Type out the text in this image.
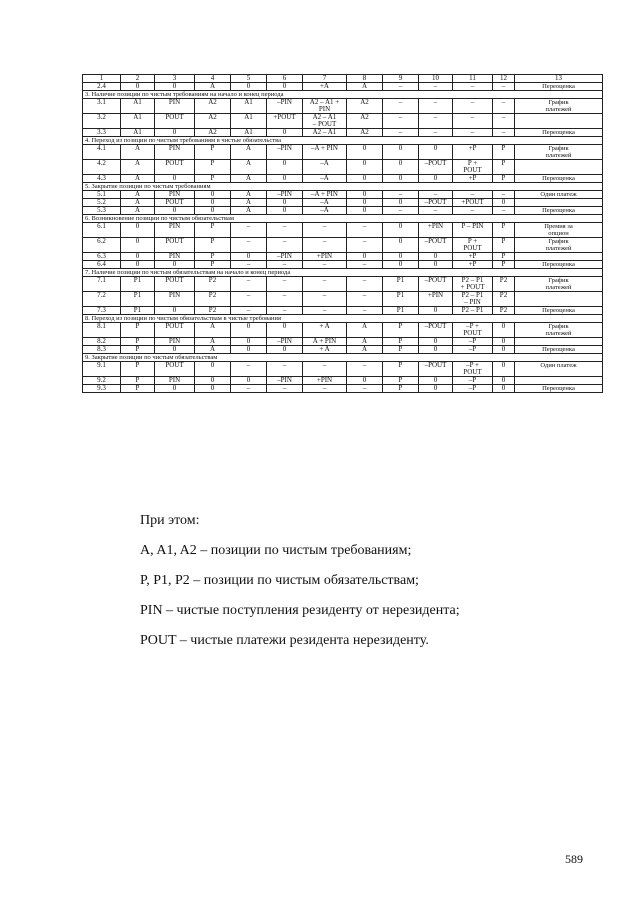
1	2	3	4	5	6	7	8	9	10	11	12	13
2.4	0	0	A	0	0	+A	A	–	–	–	–	Переоценка
3. Наличие позиции по чистым требованиям на начало и конец периода												
3.1	A1	PIN	A2	A1	–PIN	A2 – A1 +
PIN	A2	–	–	–	–	График
платежей
3.2	A1	POUT	A2	A1	+POUT	A2 – A1
– POUT	A2	–	–	–	–	
3.3	A1	0	A2	A1	0	A2 – A1	A2	–	–	–	–	Переоценка
4. Переход из позиции по чистым требованиям в чистые обязательства												
4.1	A	PIN	P	A	–PIN	–A + PIN	0	0	0	+P	P	График
платежей
4.2	A	POUT	P	A	0	–A	0	0	–POUT	P +
POUT	P	
4.3	A	0	P	A	0	–A	0	0	0	+P	P	Переоценка
5. Закрытие позиции по чистым требованиям												
5.1	A	PIN	0	A	–PIN	–A + PIN	0	–	–	–	–	Один платеж
5.2	A	POUT	0	A	0	–A	0	0	–POUT	+POUT	0	
5.3	A	0	0	A	0	–A	0	–	–	–	–	Переоценка
6. Возникновение позиции по чистым обязательствам												
6.1	0	PIN	P	–	–	–	–	0	+PIN	P – PIN	P	Премия за
опцион
6.2	0	POUT	P	–	–	–	–	0	–POUT	P +
POUT	P	График
платежей
6.3	0	PIN	P	0	–PIN	+PIN	0	0	0	+P	P	
6.4	0	0	P	–	–	–	–	0	0	+P	P	Переоценка
7. Наличие позиции по чистым обязательствам на начало и конец периода												
7.1	P1	POUT	P2	–	–	–	–	P1	–POUT	P2 – P1
+ POUT	P2	График
платежей
7.2	P1	PIN	P2	–	–	–	–	P1	+PIN	P2 – P1
– PIN	P2	
7.3	P1	0	P2	–	–	–	–	P1	0	P2 – P1	P2	Переоценка
8. Переход из позиции по чистым обязательствам в чистые требования												
8.1	P	POUT	A	0	0	+ A	A	P	–POUT	–P +
POUT	0	График
платежей
8.2	P	PIN	A	0	–PIN	A + PIN	A	P	0	–P	0	
8.3	P	0	A	0	0	+ A	A	P	0	–P	0	Переоценка
9. Закрытие позиции по чистым обязательствам												
9.1	P	POUT	0	–	–	–	–	P	–POUT	–P +
POUT	0	Один платеж
9.2	P	PIN	0	0	–PIN	+PIN	0	P	0	–P	0	
9.3	P	0	0	–	–	–	–	P	0	–P	0	Переоценка

При этом:

A, A1, A2 – позиции по чистым требованиям;

P, P1, P2 – позиции по чистым обязательствам;

PIN – чистые поступления резиденту от нерезидента;

POUT – чистые платежи резидента нерезиденту.

589
